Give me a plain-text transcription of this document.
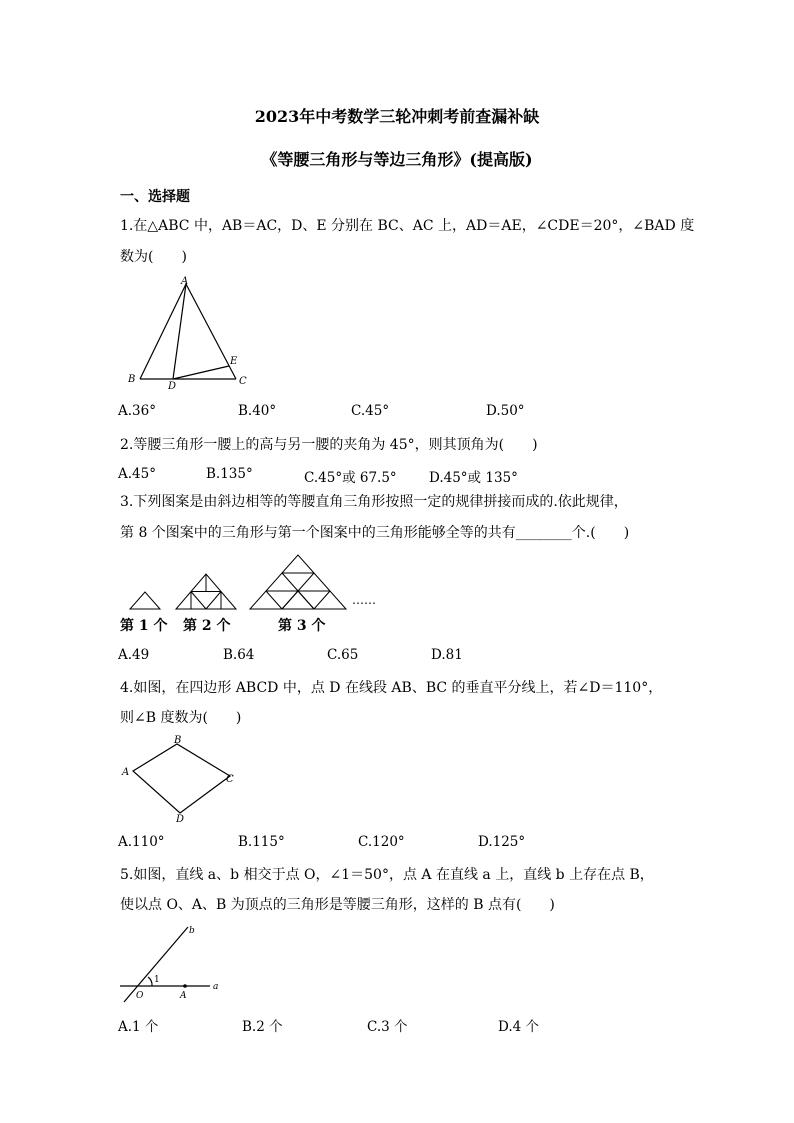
2023年中考数学三轮冲刺考前查漏补缺
《等腰三角形与等边三角形》(提高版)
一、选择题
1.在△ABC 中，AB＝AC，D、E 分别在 BC、AC 上，AD＝AE，∠CDE＝20°，∠BAD 度
数为(　　)
A
B	C
D
E
A.36°	B.40°	C.45°	D.50°
2.等腰三角形一腰上的高与另一腰的夹角为 45°，则其顶角为(　　)
A.45°	B.135°	C.45°或 67.5° D.45°或 135°
3.下列图案是由斜边相等的等腰直角三角形按照一定的规律拼接而成的.依此规律，
第 8 个图案中的三角形与第一个图案中的三角形能够全等的共有________个.(　　)
……
第 1 个 第 2 个	第 3 个
A.49	B.64	C.65	D.81
4.如图，在四边形 ABCD 中，点 D 在线段 AB、BC 的垂直平分线上，若∠D＝110°，
则∠B 度数为(　　)
A
B
C
D
A.110°	B.115°	C.120°	D.125°
5.如图，直线 a、b 相交于点 O，∠1＝50°，点 A 在直线 a 上，直线 b 上存在点 B，
使以点 O、A、B 为顶点的三角形是等腰三角形，这样的 B 点有(　　)
b
1
O	A
a
A.1 个	B.2 个	C.3 个	D.4 个
